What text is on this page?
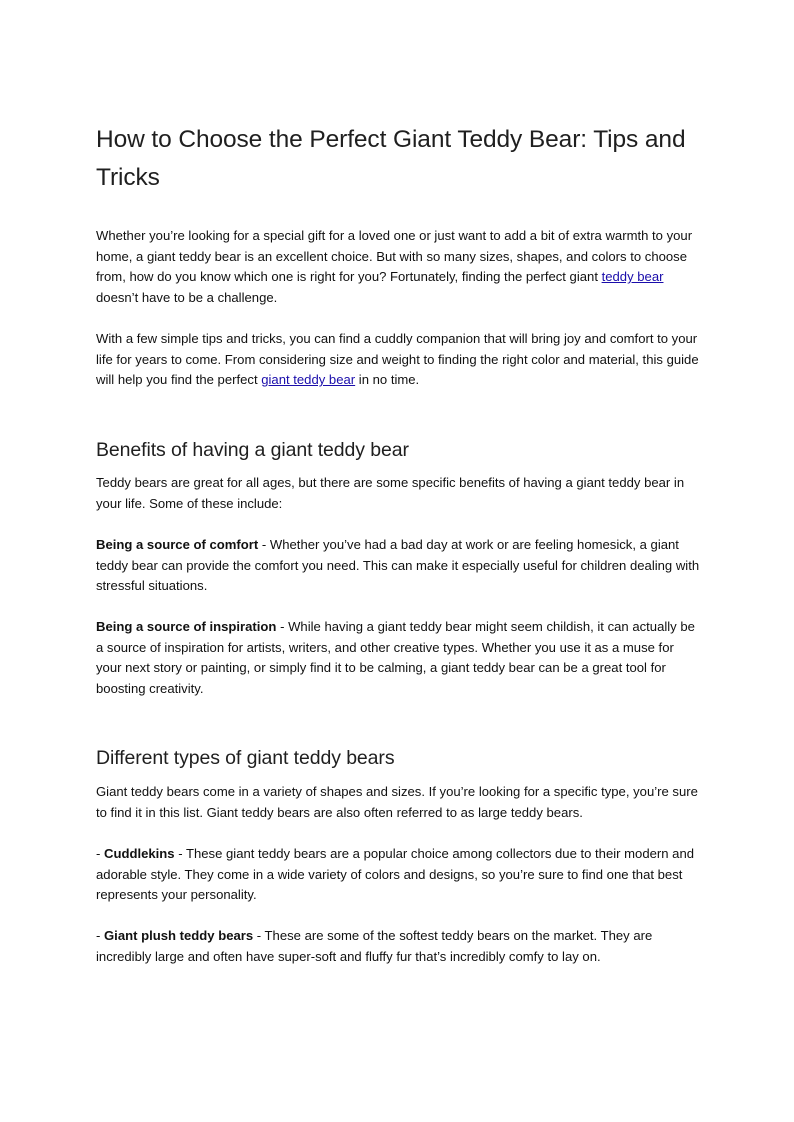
How to Choose the Perfect Giant Teddy Bear: Tips and Tricks

Whether you’re looking for a special gift for a loved one or just want to add a bit of extra warmth to your home, a giant teddy bear is an excellent choice. But with so many sizes, shapes, and colors to choose from, how do you know which one is right for you? Fortunately, finding the perfect giant teddy bear doesn’t have to be a challenge.

With a few simple tips and tricks, you can find a cuddly companion that will bring joy and comfort to your life for years to come. From considering size and weight to finding the right color and material, this guide will help you find the perfect giant teddy bear in no time.

Benefits of having a giant teddy bear

Teddy bears are great for all ages, but there are some specific benefits of having a giant teddy bear in your life. Some of these include:

Being a source of comfort - Whether you’ve had a bad day at work or are feeling homesick, a giant teddy bear can provide the comfort you need. This can make it especially useful for children dealing with stressful situations.

Being a source of inspiration - While having a giant teddy bear might seem childish, it can actually be a source of inspiration for artists, writers, and other creative types. Whether you use it as a muse for your next story or painting, or simply find it to be calming, a giant teddy bear can be a great tool for boosting creativity.

Different types of giant teddy bears

Giant teddy bears come in a variety of shapes and sizes. If you’re looking for a specific type, you’re sure to find it in this list. Giant teddy bears are also often referred to as large teddy bears.

- Cuddlekins - These giant teddy bears are a popular choice among collectors due to their modern and adorable style. They come in a wide variety of colors and designs, so you’re sure to find one that best represents your personality.

- Giant plush teddy bears - These are some of the softest teddy bears on the market. They are incredibly large and often have super-soft and fluffy fur that’s incredibly comfy to lay on.
